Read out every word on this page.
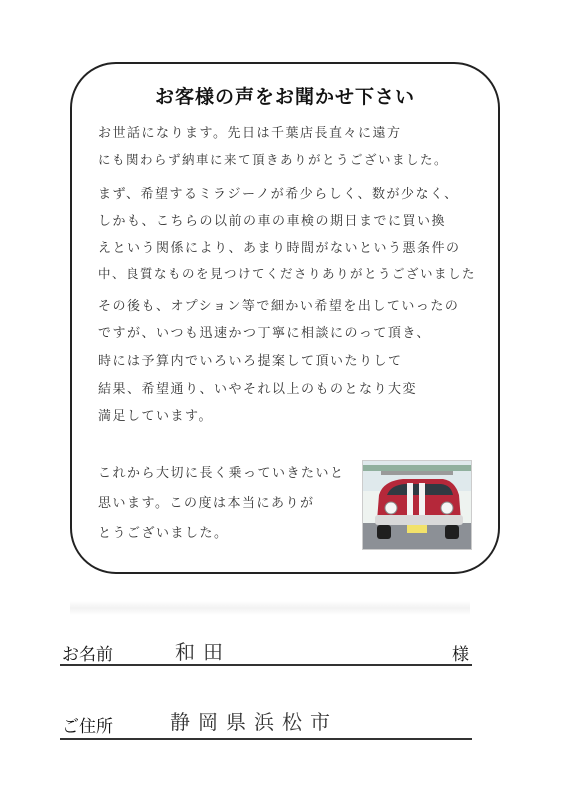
お客様の声をお聞かせ下さい
お世話になります。先日は千葉店長直々に遠方
にも関わらず納車に来て頂きありがとうございました。
まず、希望するミラジーノが希少らしく、数が少なく、
しかも、こちらの以前の車の車検の期日までに買い換
えという関係により、あまり時間がないという悪条件の
中、良質なものを見つけてくださりありがとうございました
その後も、オプション等で細かい希望を出していったの
ですが、いつも迅速かつ丁寧に相談にのって頂き、
時には予算内でいろいろ提案して頂いたりして
結果、希望通り、いやそれ以上のものとなり大変
満足しています。
これから大切に長く乗っていきたいと
思います。この度は本当にありが
とうございました。
お名前	和田	様
ご住所	静岡県浜松市
